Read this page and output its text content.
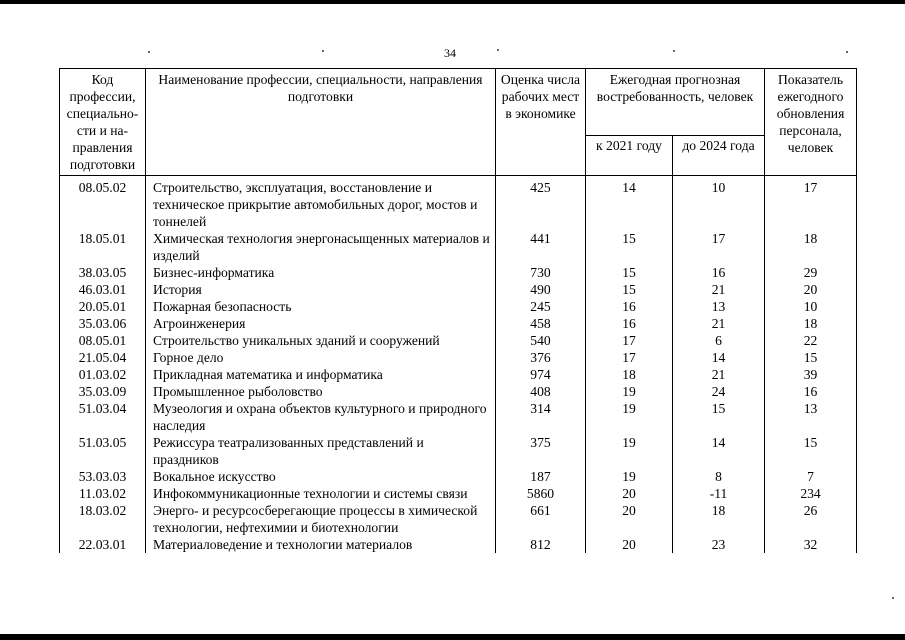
34
Код профессии, специально-сти и на-правления подготовки	Наименование профессии, специальности, направления подготовки	Оценка числа рабочих мест в экономике	Ежегодная прогнозная востребованность, человек		Показатель ежегодного обновления персонала, человек
			к 2021 году	до 2024 года	
08.05.02	Строительство, эксплуатация, восстановление и техническое прикрытие автомобильных дорог, мостов и тоннелей	425	14	10	17
18.05.01	Химическая технология энергонасыщенных материалов и изделий	441	15	17	18
38.03.05	Бизнес-информатика	730	15	16	29
46.03.01	История	490	15	21	20
20.05.01	Пожарная безопасность	245	16	13	10
35.03.06	Агроинженерия	458	16	21	18
08.05.01	Строительство уникальных зданий и сооружений	540	17	6	22
21.05.04	Горное дело	376	17	14	15
01.03.02	Прикладная математика и информатика	974	18	21	39
35.03.09	Промышленное рыболовство	408	19	24	16
51.03.04	Музеология и охрана объектов культурного и природного наследия	314	19	15	13
51.03.05	Режиссура театрализованных представлений и праздников	375	19	14	15
53.03.03	Вокальное искусство	187	19	8	7
11.03.02	Инфокоммуникационные технологии и системы связи	5860	20	-11	234
18.03.02	Энерго- и ресурсосберегающие процессы в химической технологии, нефтехимии и биотехнологии	661	20	18	26
22.03.01	Материаловедение и технологии материалов	812	20	23	32
